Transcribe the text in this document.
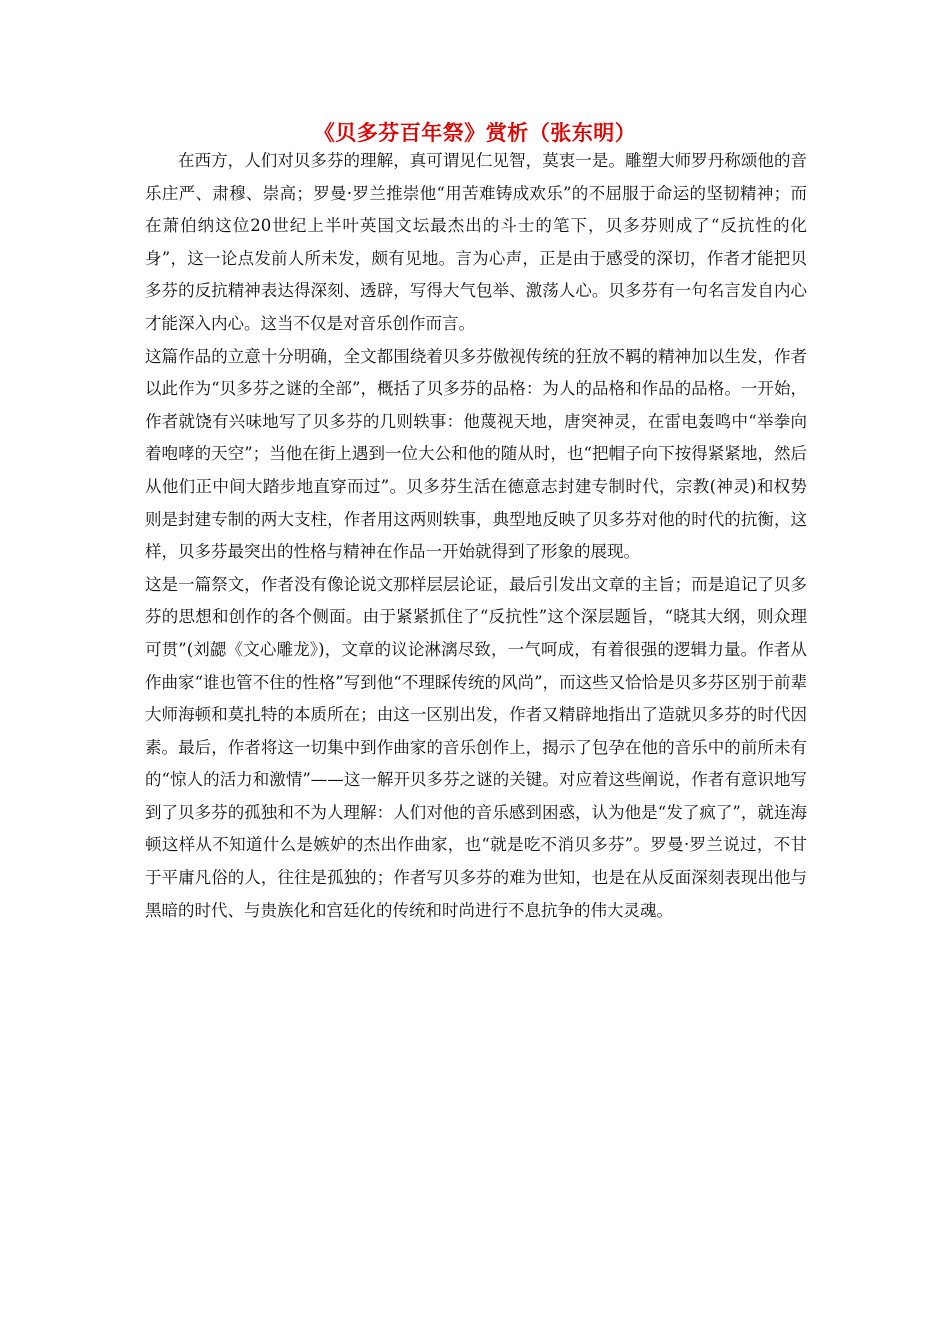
《贝多芬百年祭》赏析（张东明）

在西方，人们对贝多芬的理解，真可谓见仁见智，莫衷一是。雕塑大师罗丹称颂他的音乐庄严、肃穆、崇高；罗曼·罗兰推崇他“用苦难铸成欢乐”的不屈服于命运的坚韧精神；而在萧伯纳这位20世纪上半叶英国文坛最杰出的斗士的笔下，贝多芬则成了“反抗性的化身”，这一论点发前人所未发，颇有见地。言为心声，正是由于感受的深切，作者才能把贝多芬的反抗精神表达得深刻、透辟，写得大气包举、激荡人心。贝多芬有一句名言发自内心才能深入内心。这当不仅是对音乐创作而言。

这篇作品的立意十分明确，全文都围绕着贝多芬傲视传统的狂放不羁的精神加以生发，作者以此作为“贝多芬之谜的全部”，概括了贝多芬的品格：为人的品格和作品的品格。一开始，作者就饶有兴味地写了贝多芬的几则轶事：他蔑视天地，唐突神灵，在雷电轰鸣中“举拳向着咆哮的天空”；当他在街上遇到一位大公和他的随从时，也“把帽子向下按得紧紧地，然后从他们正中间大踏步地直穿而过”。贝多芬生活在德意志封建专制时代，宗教(神灵)和权势则是封建专制的两大支柱，作者用这两则轶事，典型地反映了贝多芬对他的时代的抗衡，这样，贝多芬最突出的性格与精神在作品一开始就得到了形象的展现。

这是一篇祭文，作者没有像论说文那样层层论证，最后引发出文章的主旨；而是追记了贝多芬的思想和创作的各个侧面。由于紧紧抓住了“反抗性”这个深层题旨，“晓其大纲，则众理可贯”(刘勰《文心雕龙》)，文章的议论淋漓尽致，一气呵成，有着很强的逻辑力量。作者从作曲家“谁也管不住的性格”写到他“不理睬传统的风尚”，而这些又恰恰是贝多芬区别于前辈大师海顿和莫扎特的本质所在；由这一区别出发，作者又精辟地指出了造就贝多芬的时代因素。最后，作者将这一切集中到作曲家的音乐创作上，揭示了包孕在他的音乐中的前所未有的“惊人的活力和激情”——这一解开贝多芬之谜的关键。对应着这些阐说，作者有意识地写到了贝多芬的孤独和不为人理解：人们对他的音乐感到困惑，认为他是“发了疯了”，就连海顿这样从不知道什么是嫉妒的杰出作曲家，也“就是吃不消贝多芬”。罗曼·罗兰说过，不甘于平庸凡俗的人，往往是孤独的；作者写贝多芬的难为世知，也是在从反面深刻表现出他与黑暗的时代、与贵族化和宫廷化的传统和时尚进行不息抗争的伟大灵魂。
